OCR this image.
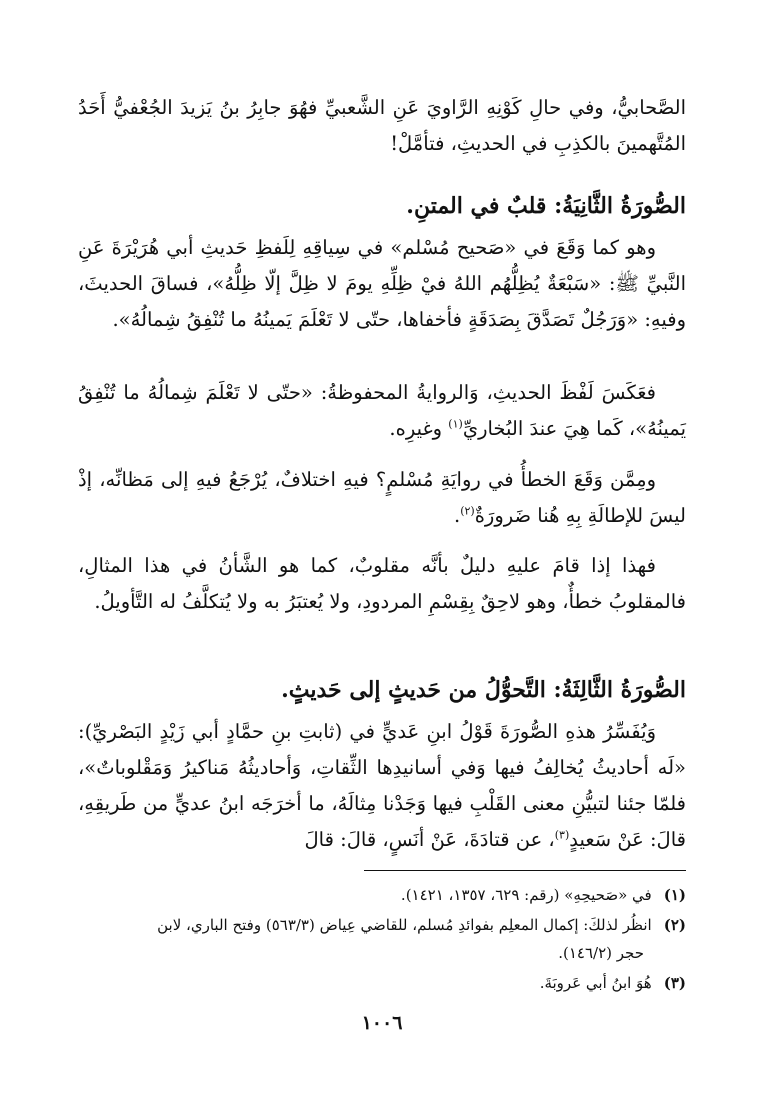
الصَّحابيُّ، وفي حالِ كَوْنِهِ الرَّاويَ عَنِ الشَّعبيِّ فهُوَ جابِرُ بنُ يَزيدَ الجُعْفيُّ أَحَدُ المُتَّهمينَ بالكذِبِ في الحديثِ، فتأمَّلْ!

الصُّورَةُ الثَّانِيَةُ: قلبٌ في المتنِ.

وهو كما وَقَعَ في «صَحيح مُسْلم» في سِياقِهِ لِلَفظِ حَديثِ أبي هُرَيْرَةَ عَنِ النَّبيِّ ﷺ: «سَبْعَةٌ يُظِلُّهُم اللهُ فيْ ظِلِّهِ يومَ لا ظِلَّ إلّا ظِلُّهُ»، فساقَ الحديثَ، وفيهِ: «وَرَجُلٌ تَصَدَّقَ بِصَدَقَةٍ فأخفاها، حتّى لا تَعْلَمَ يَمينُهُ ما تُنْفِقُ شِمالُهُ».

فعَكَسَ لَفْظَ الحديثِ، وَالروايةُ المحفوظةُ: «حتّى لا تَعْلَمَ شِمالُهُ ما تُنْفِقُ يَمينُهُ»، كَما هِيَ عندَ البُخاريِّ$^{(١)}$ وغيرِه.

ومِمَّن وَقَعَ الخطأُ في روايَةِ مُسْلمٍ؟ فيهِ اختلافٌ، يُرْجَعُ فيهِ إلى مَظانِّه، إذْ ليسَ للإطالَةِ بِهِ هُنا ضَرورَةٌ$^{(٢)}$.

فهذا إذا قامَ عليهِ دليلٌ بأنَّه مقلوبٌ، كما هو الشَّأنُ في هذا المثالِ، فالمقلوبُ خطأٌ، وهو لاحِقٌ بِقِسْمِ المردودِ، ولا يُعتبَرُ به ولا يُتكلَّفُ له التَّأويلُ.

الصُّورَةُ الثَّالِثَةُ: التَّحوُّلُ من حَديثٍ إلى حَديثٍ.

وَيُفَسِّرُ هذهِ الصُّورَةَ قَوْلُ ابنِ عَديٍّ في (ثابتِ بنِ حمَّادٍ أبي زَيْدٍ البَصْريِّ): «لَه أحاديثُ يُخالِفُ فيها وَفي أسانيدِها الثِّقاتِ، وَأحاديثُهُ مَناكيرُ وَمَقْلوباتٌ»، فلمّا جئنا لتبيُّنِ معنى القَلْبِ فيها وَجَدْنا مِثالَهُ، ما أخرَجَه ابنُ عديٍّ من طَريقِهِ، قالَ: عَنْ سَعيدٍ$^{(٣)}$، عن قتادَةَ، عَنْ أنَسٍ، قالَ: قالَ

(١)في «صَحيحِهِ» (رقم: ٦٢٩، ١٣٥٧، ١٤٢١).

(٢)انظُر لذلكَ: إكمال المعلِم بفوائدِ مُسلم، للقاضي عِياض (٥٦٣/٣) وفتح الباري، لابن

حجر (١٤٦/٢).

(٣)هُوَ ابنُ أبي عَروبَةَ.

١٠٠٦
